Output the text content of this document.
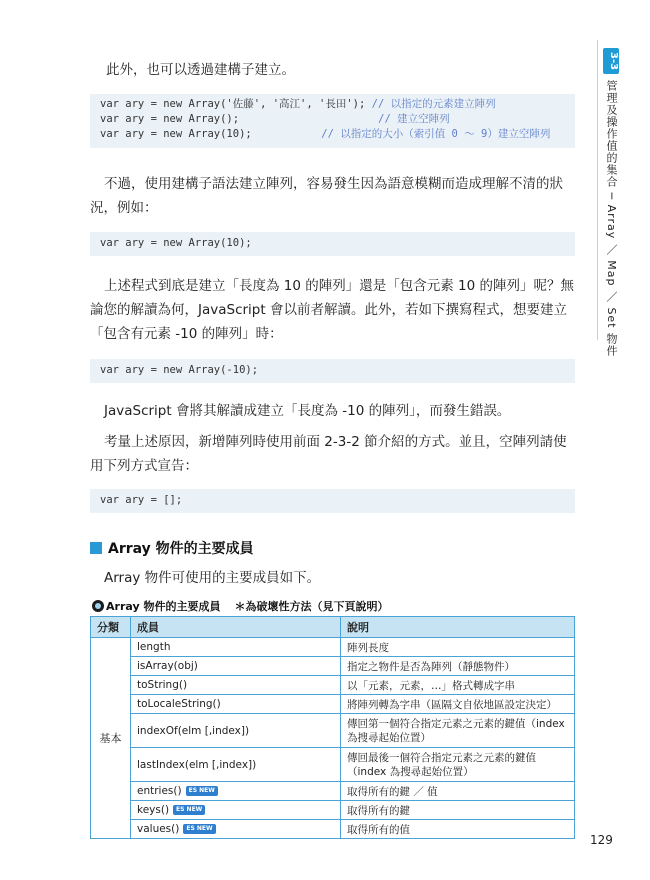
3-3
管理及操作值的集合 ─ Array ／ Map ／ Set 物件
此外，也可以透過建構子建立。
var ary = new Array('佐藤', '高江', '長田'); // 以指定的元素建立陣列
var ary = new Array();                      // 建立空陣列
var ary = new Array(10);           // 以指定的大小（索引值 0 ～ 9）建立空陣列
不過，使用建構子語法建立陣列，容易發生因為語意模糊而造成理解不清的狀況，例如：
var ary = new Array(10);
上述程式到底是建立「長度為 10 的陣列」還是「包含元素 10 的陣列」呢？無論您的解讀為何，JavaScript 會以前者解讀。此外，若如下撰寫程式，想要建立「包含有元素 -10 的陣列」時：
var ary = new Array(-10);
JavaScript 會將其解讀成建立「長度為 -10 的陣列」，而發生錯誤。
考量上述原因，新增陣列時使用前面 2-3-2 節介紹的方式。並且，空陣列請使用下列方式宣告：
var ary = [];
Array 物件的主要成員
Array 物件可使用的主要成員如下。
Array 物件的主要成員 ＊為破壞性方法（見下頁說明）
分類	成員	說明
基本	length	陣列長度
	isArray(obj)	指定之物件是否為陣列（靜態物件）
	toString()	以「元素，元素，…」格式轉成字串
	toLocaleString()	將陣列轉為字串（區隔文自依地區設定決定）
	indexOf(elm [,index])	傳回第一個符合指定元素之元素的鍵值（index 為搜尋起始位置）
	lastIndex(elm [,index])	傳回最後一個符合指定元素之元素的鍵值（index 為搜尋起始位置）
	entries() ES NEW	取得所有的鍵 ／ 值
	keys() ES NEW	取得所有的鍵
	values() ES NEW	取得所有的值
129
